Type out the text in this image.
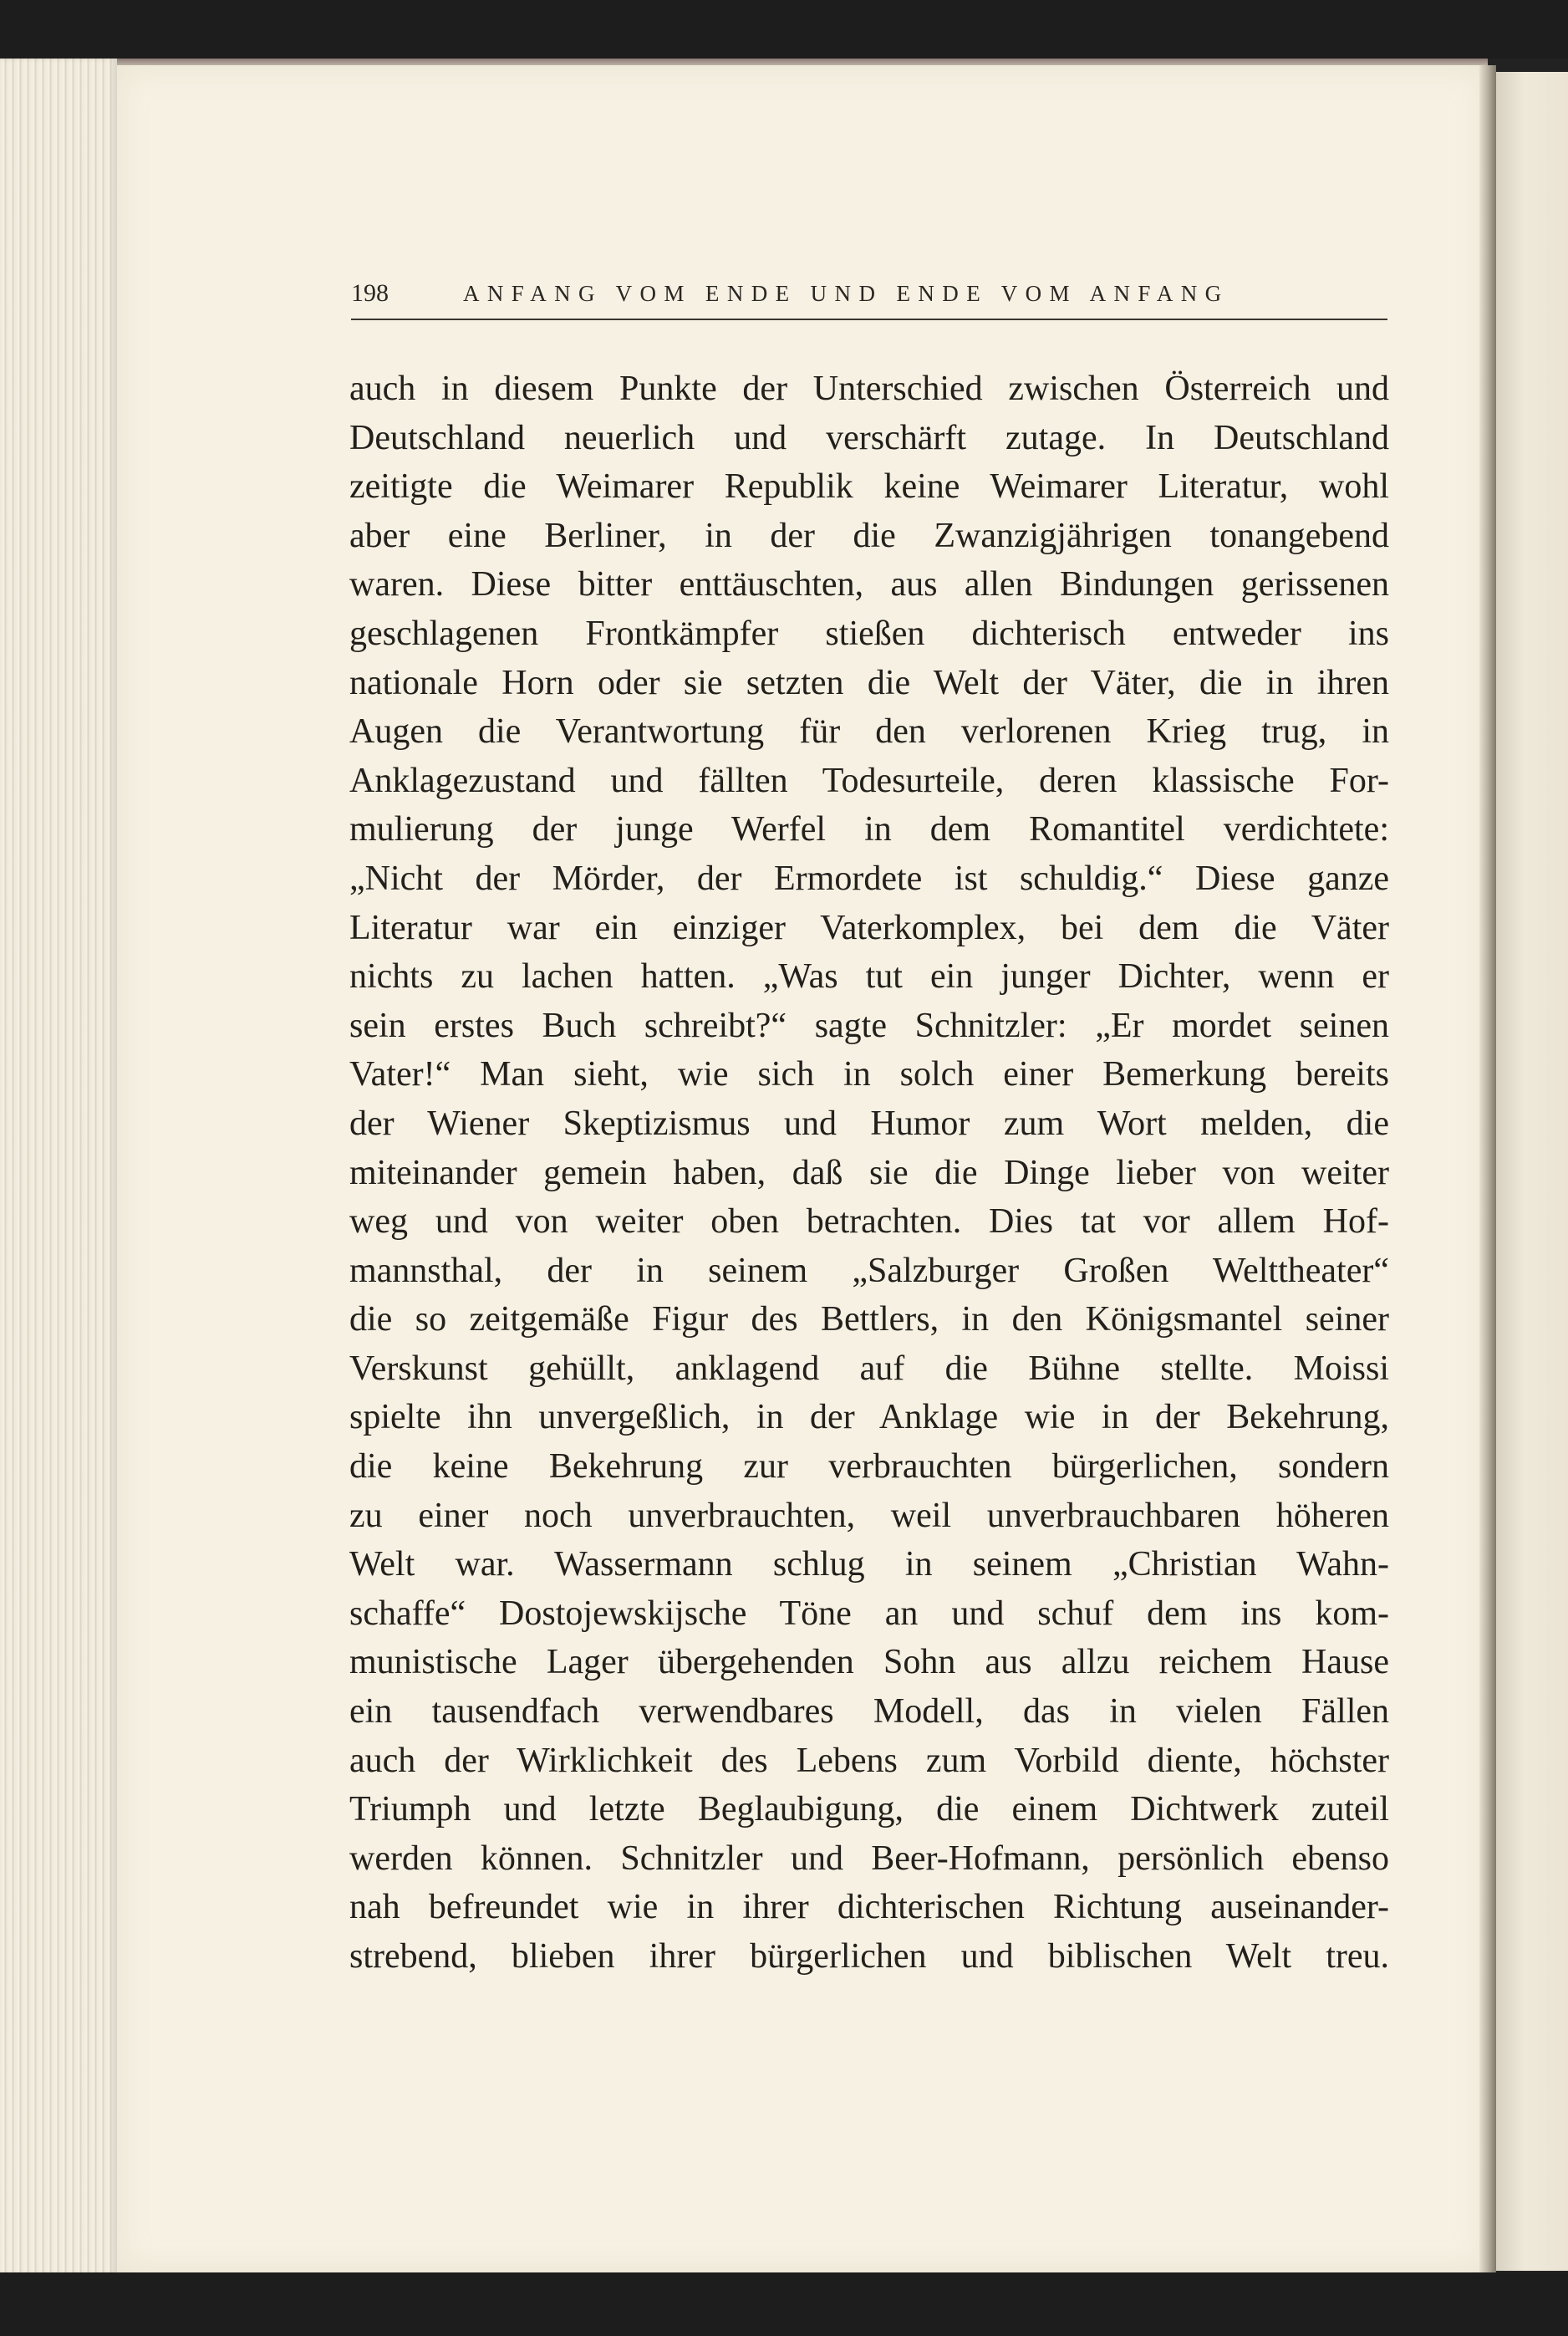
198	ANFANG VOM ENDE UND ENDE VOM ANFANG
auch in diesem Punkte der Unterschied zwischen Österreich und
Deutschland neuerlich und verschärft zutage. In Deutschland
zeitigte die Weimarer Republik keine Weimarer Literatur, wohl
aber eine Berliner, in der die Zwanzigjährigen tonangebend
waren. Diese bitter enttäuschten, aus allen Bindungen gerissenen
geschlagenen Frontkämpfer stießen dichterisch entweder ins
nationale Horn oder sie setzten die Welt der Väter, die in ihren
Augen die Verantwortung für den verlorenen Krieg trug, in
Anklagezustand und fällten Todesurteile, deren klassische For-
mulierung der junge Werfel in dem Romantitel verdichtete:
„Nicht der Mörder, der Ermordete ist schuldig.“ Diese ganze
Literatur war ein einziger Vaterkomplex, bei dem die Väter
nichts zu lachen hatten. „Was tut ein junger Dichter, wenn er
sein erstes Buch schreibt?“ sagte Schnitzler: „Er mordet seinen
Vater!“ Man sieht, wie sich in solch einer Bemerkung bereits
der Wiener Skeptizismus und Humor zum Wort melden, die
miteinander gemein haben, daß sie die Dinge lieber von weiter
weg und von weiter oben betrachten. Dies tat vor allem Hof-
mannsthal, der in seinem „Salzburger Großen Welttheater“
die so zeitgemäße Figur des Bettlers, in den Königsmantel seiner
Verskunst gehüllt, anklagend auf die Bühne stellte. Moissi
spielte ihn unvergeßlich, in der Anklage wie in der Bekehrung,
die keine Bekehrung zur verbrauchten bürgerlichen, sondern
zu einer noch unverbrauchten, weil unverbrauchbaren höheren
Welt war. Wassermann schlug in seinem „Christian Wahn-
schaffe“ Dostojewskijsche Töne an und schuf dem ins kom-
munistische Lager übergehenden Sohn aus allzu reichem Hause
ein tausendfach verwendbares Modell, das in vielen Fällen
auch der Wirklichkeit des Lebens zum Vorbild diente, höchster
Triumph und letzte Beglaubigung, die einem Dichtwerk zuteil
werden können. Schnitzler und Beer-Hofmann, persönlich ebenso
nah befreundet wie in ihrer dichterischen Richtung auseinander-
strebend, blieben ihrer bürgerlichen und biblischen Welt treu.
